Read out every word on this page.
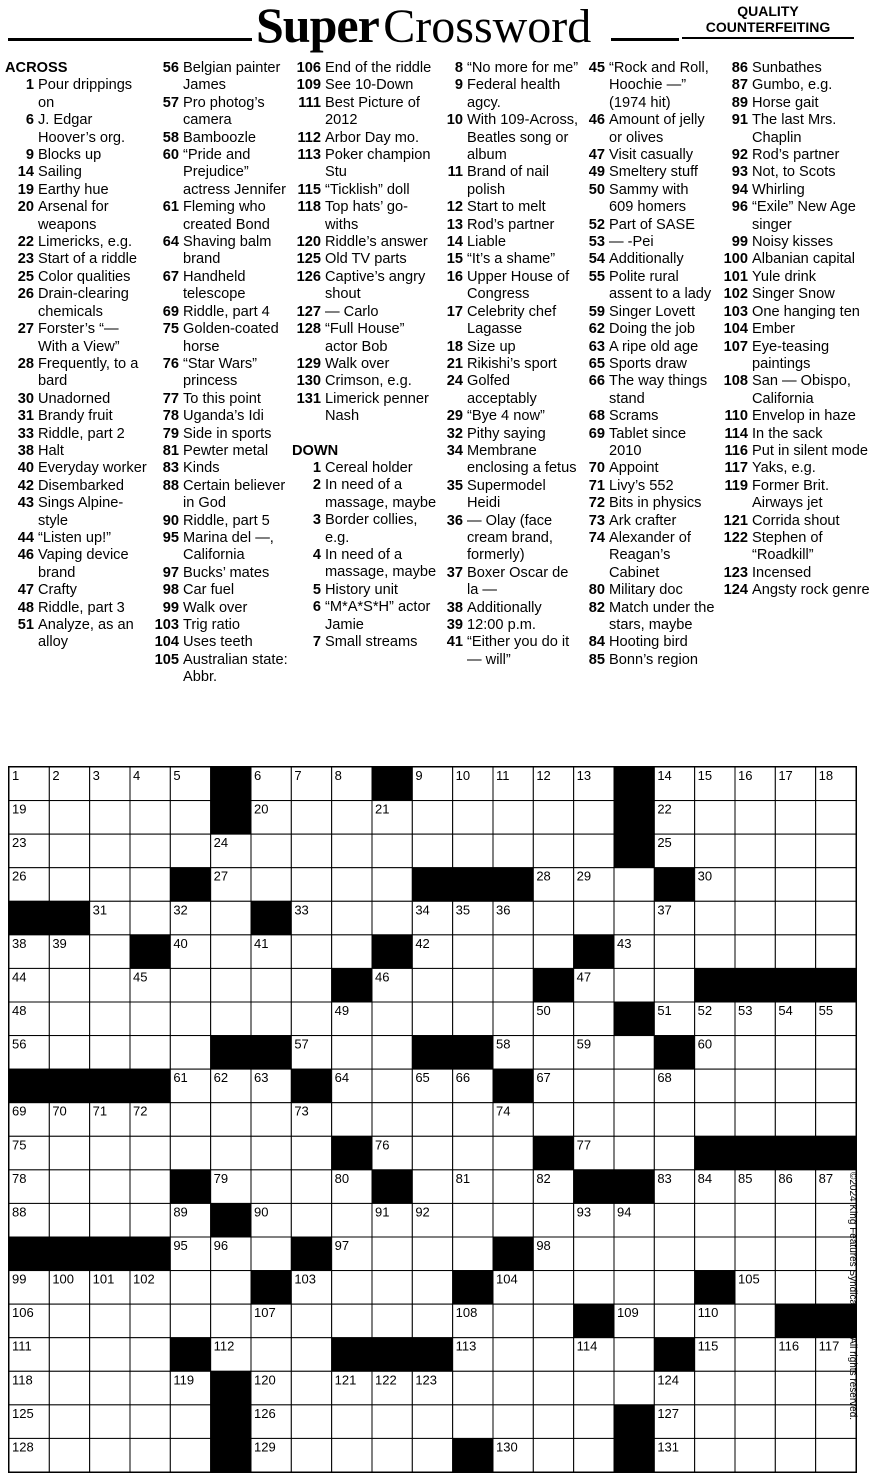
Super Crossword	QUALITY
COUNTERFEITING
ACROSS
1 Pour drippings on
6 J. Edgar Hoover’s org.
9 Blocks up
14 Sailing
19 Earthy hue
20 Arsenal for weapons
22 Limericks, e.g.
23 Start of a riddle
25 Color qualities
26 Drain-clearing chemicals
27 Forster’s “— With a View”
28 Frequently, to a bard
30 Unadorned
31 Brandy fruit
33 Riddle, part 2
38 Halt
40 Everyday worker
42 Disembarked
43 Sings Alpine-style
44 “Listen up!”
46 Vaping device brand
47 Crafty
48 Riddle, part 3
51 Analyze, as an alloy
56 Belgian painter James
57 Pro photog’s camera
58 Bamboozle
60 “Pride and Prejudice” actress Jennifer
61 Fleming who created Bond
64 Shaving balm brand
67 Handheld telescope
69 Riddle, part 4
75 Golden-coated horse
76 “Star Wars” princess
77 To this point
78 Uganda’s Idi
79 Side in sports
81 Pewter metal
83 Kinds
88 Certain believer in God
90 Riddle, part 5
95 Marina del —, California
97 Bucks’ mates
98 Car fuel
99 Walk over
103 Trig ratio
104 Uses teeth
105 Australian state: Abbr.
106 End of the riddle
109 See 10-Down
111 Best Picture of 2012
112 Arbor Day mo.
113 Poker champion Stu
115 “Ticklish” doll
118 Top hats’ go-withs
120 Riddle’s answer
125 Old TV parts
126 Captive’s angry shout
127 — Carlo
128 “Full House” actor Bob
129 Walk over
130 Crimson, e.g.
131 Limerick penner Nash
DOWN
1 Cereal holder
2 In need of a massage, maybe
3 Border collies, e.g.
4 In need of a massage, maybe
5 History unit
6 “M*A*S*H” actor Jamie
7 Small streams
8 “No more for me”
9 Federal health agcy.
10 With 109-Across, Beatles song or album
11 Brand of nail polish
12 Start to melt
13 Rod’s partner
14 Liable
15 “It’s a shame”
16 Upper House of Congress
17 Celebrity chef Lagasse
18 Size up
21 Rikishi’s sport
24 Golfed acceptably
29 “Bye 4 now”
32 Pithy saying
34 Membrane enclosing a fetus
35 Supermodel Heidi
36 — Olay (face cream brand, formerly)
37 Boxer Oscar de la —
38 Additionally
39 12:00 p.m.
41 “Either you do it — will”
45 “Rock and Roll, Hoochie —” (1974 hit)
46 Amount of jelly or olives
47 Visit casually
49 Smeltery stuff
50 Sammy with 609 homers
52 Part of SASE
53 — -Pei
54 Additionally
55 Polite rural assent to a lady
59 Singer Lovett
62 Doing the job
63 A ripe old age
65 Sports draw
66 The way things stand
68 Scrams
69 Tablet since 2010
70 Appoint
71 Livy’s 552
72 Bits in physics
73 Ark crafter
74 Alexander of Reagan’s Cabinet
80 Military doc
82 Match under the stars, maybe
84 Hooting bird
85 Bonn’s region
86 Sunbathes
87 Gumbo, e.g.
89 Horse gait
91 The last Mrs. Chaplin
92 Rod’s partner
93 Not, to Scots
94 Whirling
96 “Exile” New Age singer
99 Noisy kisses
100 Albanian capital
101 Yule drink
102 Singer Snow
103 One hanging ten
104 Ember
107 Eye-teasing paintings
108 San — Obispo, California
110 Envelop in haze
114 In the sack
116 Put in silent mode
117 Yaks, e.g.
119 Former Brit. Airways jet
121 Corrida shout
122 Stephen of “Roadkill”
123 Incensed
124 Angsty rock genre
1	2	3	4	5	6	7	8	9	10 11 12 13	14 15 16 17 18
19	20	21	22
23	24	25
26	27	28 29	30
31	32	33	34 35 36	37
38 39	40	41	42	43
44	45	46	47
48	49	50	51 52 53 54 55
56	57	58	59	60
61 62 63	64	65 66	67	68
69 70 71 72	73	74
75	76	77
78	79	80	81	82	83 84 85 86 87
88	89	90	91 92	93 94
95 96	97	98
99 100 101 102	103	104	105
106	107	108	109	110
111	112	113	114	115	116 117
118	119	120	121 122 123	124
125	126	127
128	129	130	131
©2024 King Features Syndicate, Inc. All rights reserved.
